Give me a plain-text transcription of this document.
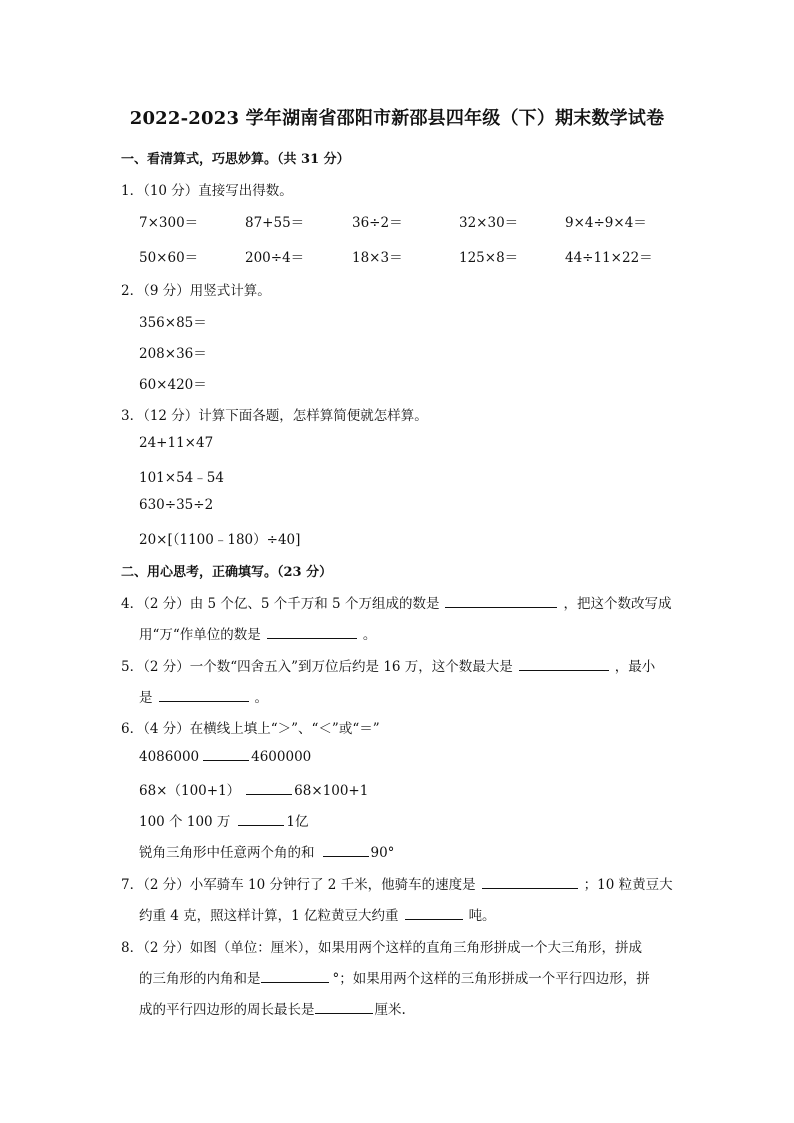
2022-2023 学年湖南省邵阳市新邵县四年级（下）期末数学试卷
一、看清算式，巧思妙算。（共 31 分）
1．（10 分）直接写出得数。
7×300＝	87+55＝	36÷2＝	32×30＝	9×4÷9×4＝
50×60＝	200÷4＝	18×3＝	125×8＝	44÷11×22＝
2．（9 分）用竖式计算。
356×85＝
208×36＝
60×420＝
3．（12 分）计算下面各题，怎样算简便就怎样算。
24+11×47
101×54﹣54
630÷35÷2
20×[（1100﹣180）÷40]
二、用心思考，正确填写。（23 分）
4．（2 分）由 5 个亿、5 个千万和 5 个万组成的数是	，把这个数改写成
用“万“作单位的数是	。
5．（2 分）一个数“四舍五入”到万位后约是 16 万，这个数最大是	，最小
是	。
6．（4 分）在横线上填上“＞”、“＜”或“＝”
4086000	4600000
68×（100+1）	68×100+1
100 个 100 万	1亿
锐角三角形中任意两个角的和	90°
7．（2 分）小军骑车 10 分钟行了 2 千米，他骑车的速度是	；10 粒黄豆大
约重 4 克，照这样计算，1 亿粒黄豆大约重	吨。
8．（2 分）如图（单位：厘米），如果用两个这样的直角三角形拼成一个大三角形，拼成
的三角形的内角和是	°；如果用两个这样的三角形拼成一个平行四边形，拼
成的平行四边形的周长最长是	厘米.
